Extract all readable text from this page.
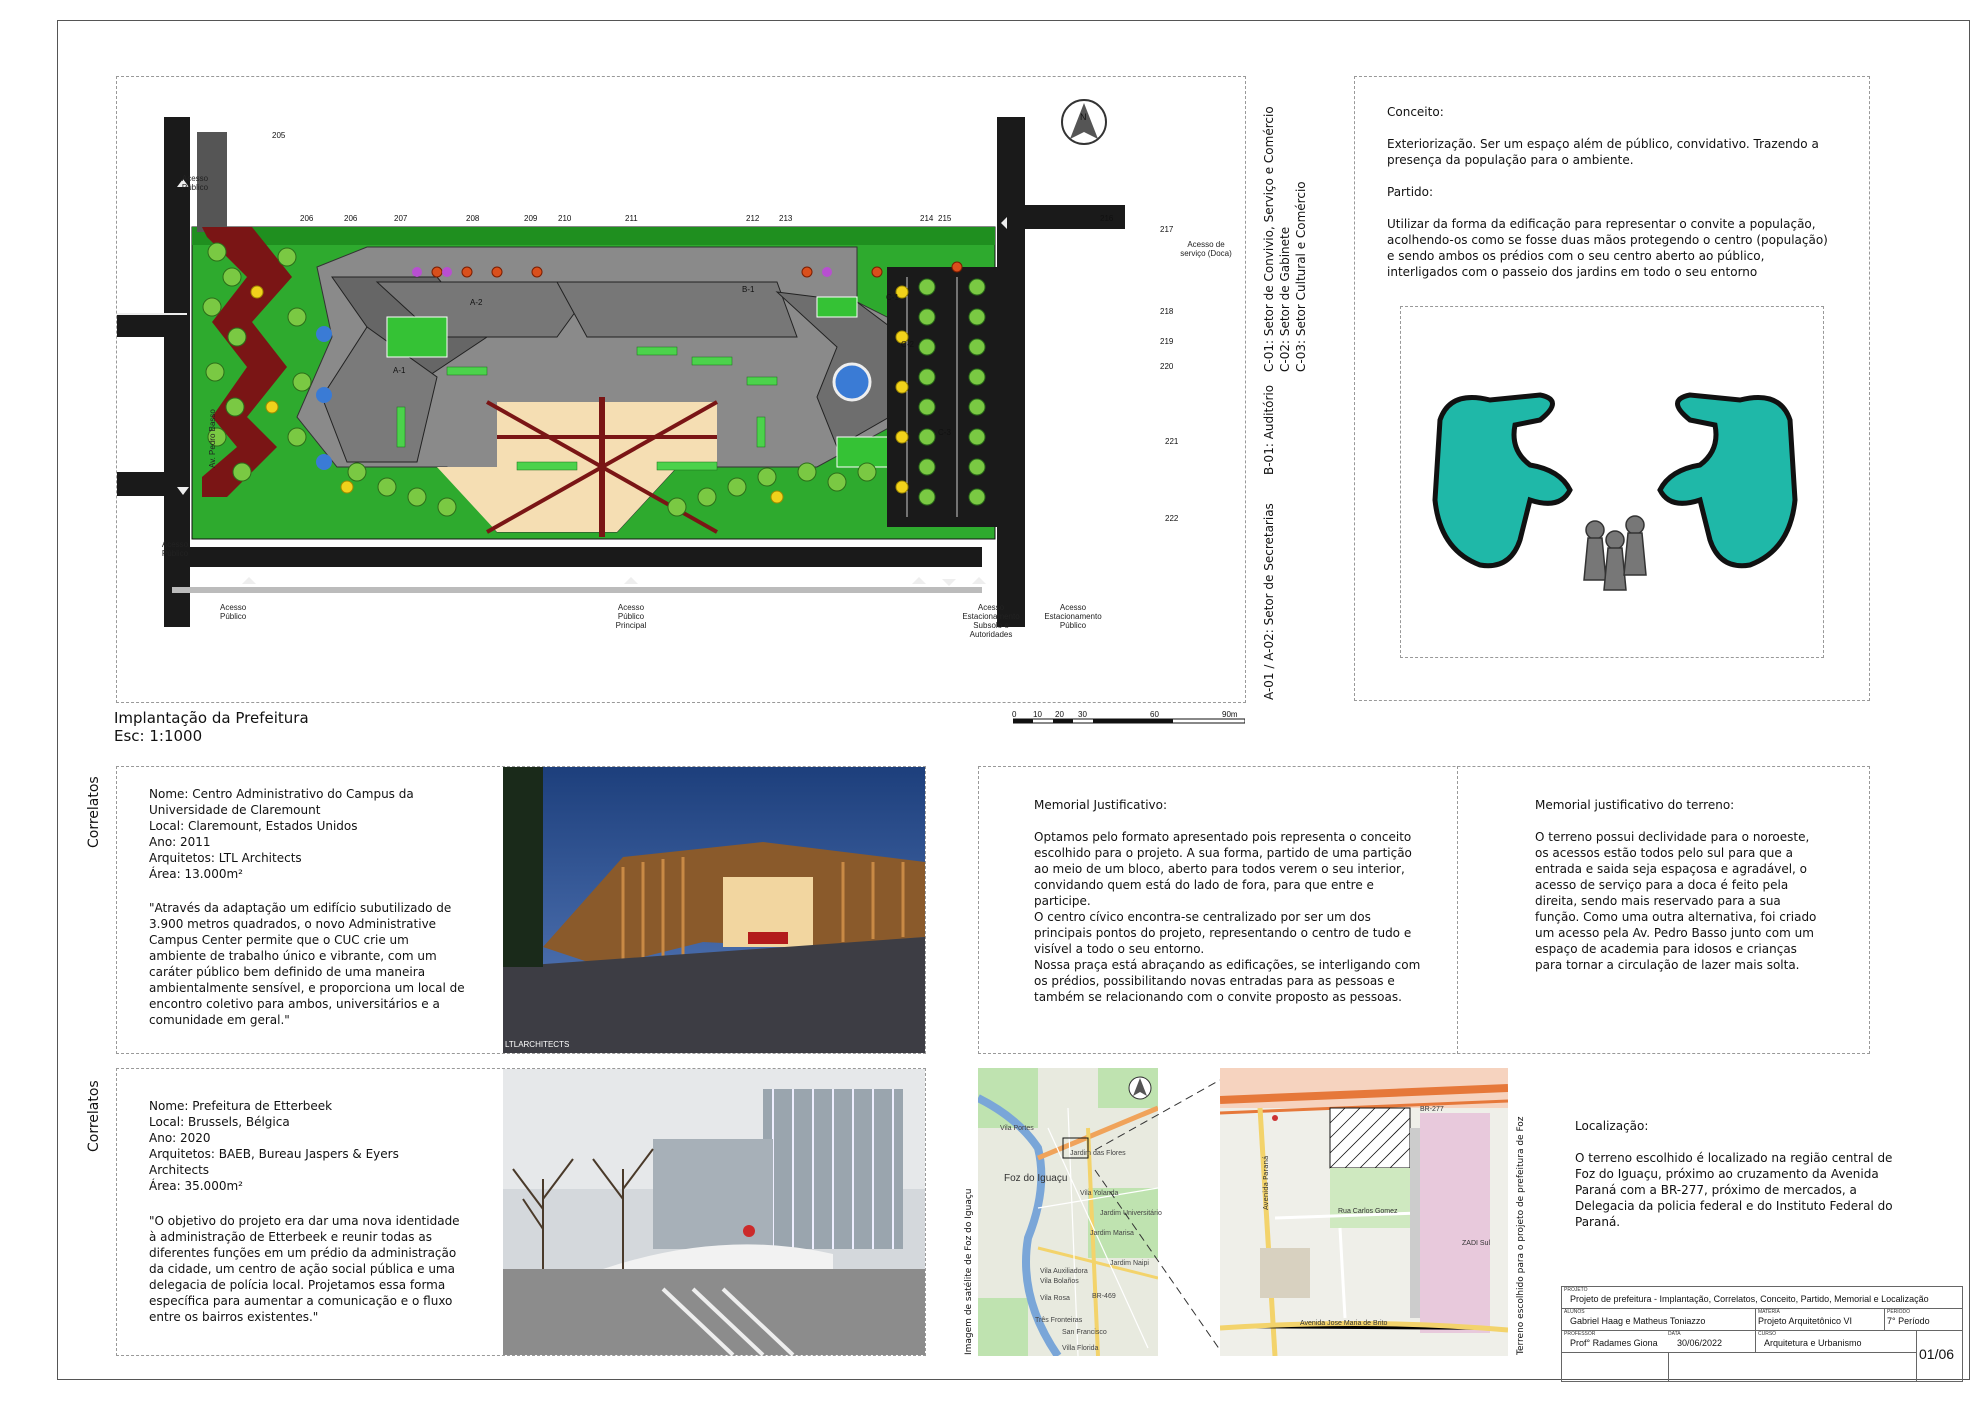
Acesso
Público
Acesso
Público
Acesso de
serviço (Doca)
Acesso
Público
Acesso
Público
Principal
Acesso
Estacionamento
Subsolo e
Autoridades
Acesso
Estacionamento
Público
Av. Pedro Basso
205
206	206	207	208	209	210	211	212 213	214 215	216
217
218
219
220
221
222
A-2
A-1
B-1
C-1
C-2
C-3
N	C-01: Setor de Convivio, Serviço e Comércio C-02: Setor de Gabinete C-03: Setor Cultural e Comércio
B-01: Auditório
A-01 / A-02: Setor de Secretarias
Implantação da Prefeitura
Esc: 1:1000
0 10 20 30	60	90m
Conceito:
Exteriorização. Ser um espaço além de público, convidativo. Trazendo a presença da população para o ambiente.
Partido:
Utilizar da forma da edificação para representar o convite a população, acolhendo-os como se fosse duas mãos protegendo o centro (população) e sendo ambos os prédios com o seu centro aberto ao público, interligados com o passeio dos jardins em todo o seu entorno
Correlatos
Correlatos
Nome: Centro Administrativo do Campus da Universidade de Claremount
Local: Claremount, Estados Unidos
Ano: 2011
Arquitetos: LTL Architects
Área: 13.000m²
"Através da adaptação um edifício subutilizado de 3.900 metros quadrados, o novo Administrative Campus Center permite que o CUC crie um ambiente de trabalho único e vibrante, com um caráter público bem definido de uma maneira ambientalmente sensível, e proporciona um local de encontro coletivo para ambos, universitários e a comunidade em geral."
LTLARCHITECTS
Nome: Prefeitura de Etterbeek
Local: Brussels, Bélgica
Ano: 2020
Arquitetos: BAEB, Bureau Jaspers & Eyers Architects
Área: 35.000m²
"O objetivo do projeto era dar uma nova identidade à administração de Etterbeek e reunir todas as diferentes funções em um prédio da administração da cidade, um centro de ação social pública e uma delegacia de polícia local. Projetamos essa forma específica para aumentar a comunicação e o fluxo entre os bairros existentes."
Memorial Justificativo:
Optamos pelo formato apresentado pois representa o conceito escolhido para o projeto. A sua forma, partido de uma partição ao meio de um bloco, aberto para todos verem o seu interior, convidando quem está do lado de fora, para que entre e participe.
O centro cívico encontra-se centralizado por ser um dos principais pontos do projeto, representando o centro de tudo e visível a todo o seu entorno.
Nossa praça está abraçando as edificações, se interligando com os prédios, possibilitando novas entradas para as pessoas e também se relacionando com o convite proposto as pessoas.
Memorial justificativo do terreno:
O terreno possui declividade para o noroeste, os acessos estão todos pelo sul para que a entrada e saida seja espaçosa e agradável, o acesso de serviço para a doca é feito pela direita, sendo mais reservado para a sua função. Como uma outra alternativa, foi criado um acesso pela Av. Pedro Basso junto com um espaço de academia para idosos e crianças para tornar a circulação de lazer mais solta.
Foz do Iguaçu
Vila Auxiliadora
Vila Bolaños
Jardim das Flores
Vila Yolanda
Vila Portes
Jardim Marisa
Jardim Naipi
Vila Rosa
Três Fronteiras
San Francisco
Villa Florida
Jardim Universitário
BR-469
Imagem de satélite de Foz do Iguaçu
BR-277
Rua Carlos Gomez
Avenida Paraná
Avenida Jose Maria de Brito
ZADI Sul	Terreno escolhido para o projeto de prefeitura de Foz	Localização:
O terreno escolhido é localizado na região central de Foz do Iguaçu, próximo ao cruzamento da Avenida Paraná com a BR-277, próximo de mercados, a Delegacia da policia federal e do Instituto Federal do Paraná.
PROJETO
Projeto de prefeitura - Implantação, Correlatos, Conceito, Partido, Memorial e Localização
ALUNOS
Gabriel Haag e Matheus Toniazzo
MATÉRIA
Projeto Arquitetônico VI
PERÍODO
7° Período
PROFESSOR
Prof° Radames Giona
DATA
30/06/2022
CURSO
Arquitetura e Urbanismo
01/06
